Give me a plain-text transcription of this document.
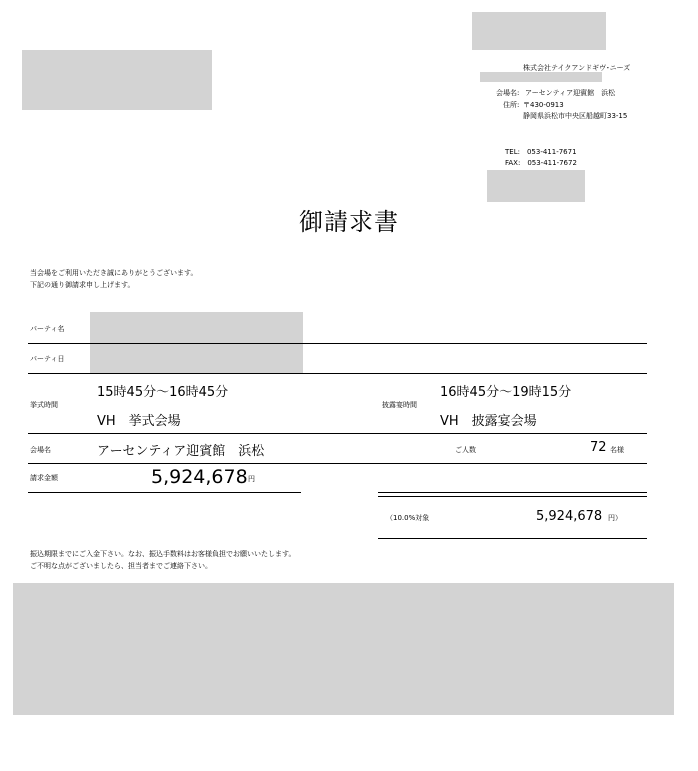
株式会社テイクアンドギヴ･ニーズ
会場名: アーセンティア迎賓館　浜松
住所: 〒430-0913
静岡県浜松市中央区船越町33-15
TEL:　053-411-7671
FAX:　053-411-7672
御請求書
当会場をご利用いただき誠にありがとうございます。
下記の通り御請求申し上げます。
パーティ名
パーティ日
挙式時間
15時45分～16時45分
VH　挙式会場
披露宴時間
16時45分～19時15分
VH　披露宴会場
会場名	アーセンティア迎賓館　浜松	ご人数	72 名様
請求金額	5,924,678 円
（10.0%対象	5,924,678 円）
振込期限までにご入金下さい。なお、振込手数料はお客様負担でお願いいたします。
ご不明な点がございましたら、担当者までご連絡下さい。
